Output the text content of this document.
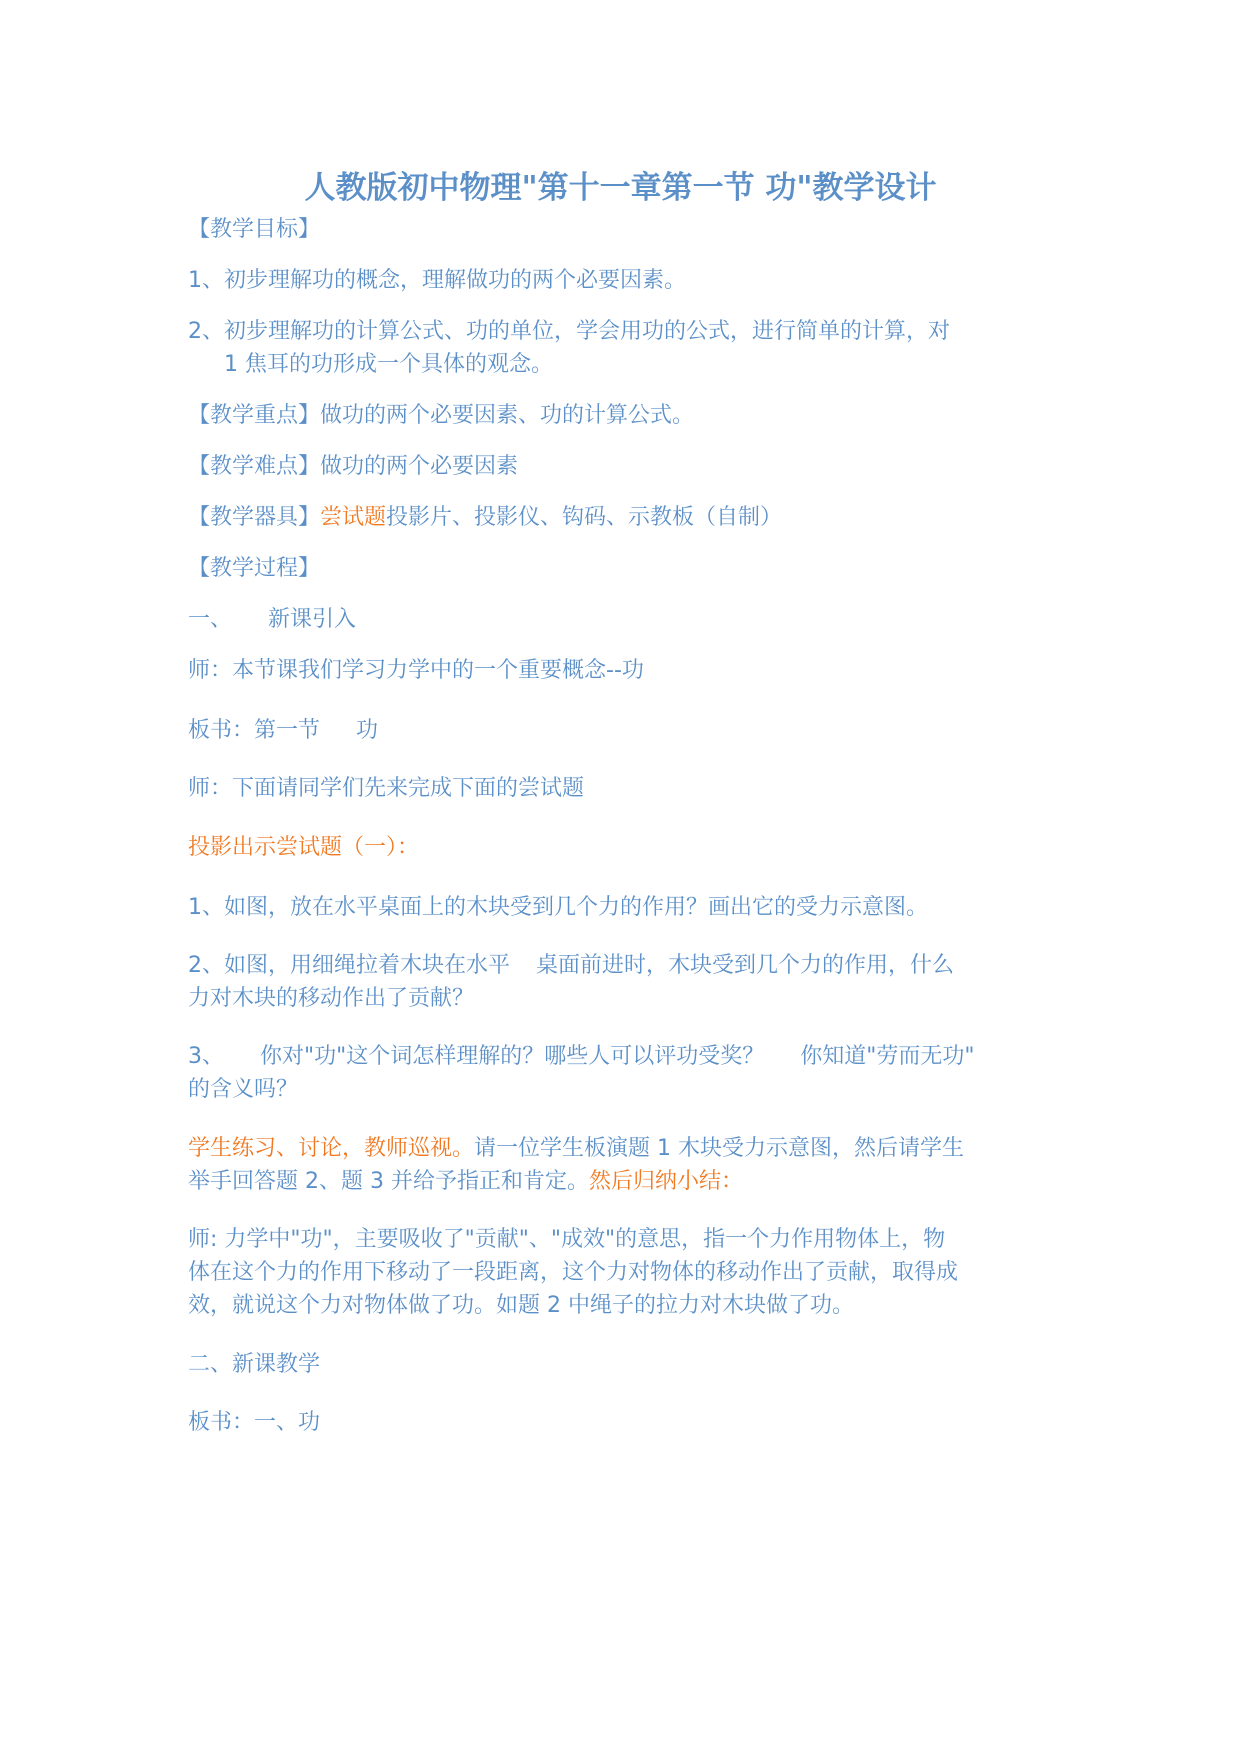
人教版初中物理"第十一章第一节 功"教学设计
【教学目标】
1、初步理解功的概念，理解做功的两个必要因素。
2、初步理解功的计算公式、功的单位，学会用功的公式，进行简单的计算，对
1 焦耳的功形成一个具体的观念。
【教学重点】做功的两个必要因素、功的计算公式。
【教学难点】做功的两个必要因素
【教学器具】尝试题投影片、投影仪、钩码、示教板（自制）
【教学过程】
一、 新课引入
师：本节课我们学习力学中的一个重要概念--功
板书：第一节 功
师：下面请同学们先来完成下面的尝试题
投影出示尝试题（一）：
1、如图，放在水平桌面上的木块受到几个力的作用？画出它的受力示意图。
2、如图，用细绳拉着木块在水平 桌面前进时，木块受到几个力的作用，什么
力对木块的移动作出了贡献？
3、 你对"功"这个词怎样理解的？哪些人可以评功受奖？ 你知道"劳而无功"
的含义吗？
学生练习、讨论，教师巡视。请一位学生板演题 1 木块受力示意图，然后请学生
举手回答题 2、题 3 并给予指正和肯定。然后归纳小结：
师: 力学中"功"，主要吸收了"贡献"、"成效"的意思，指一个力作用物体上，物
体在这个力的作用下移动了一段距离，这个力对物体的移动作出了贡献，取得成
效，就说这个力对物体做了功。如题 2 中绳子的拉力对木块做了功。
二、新课教学
板书：一、功
